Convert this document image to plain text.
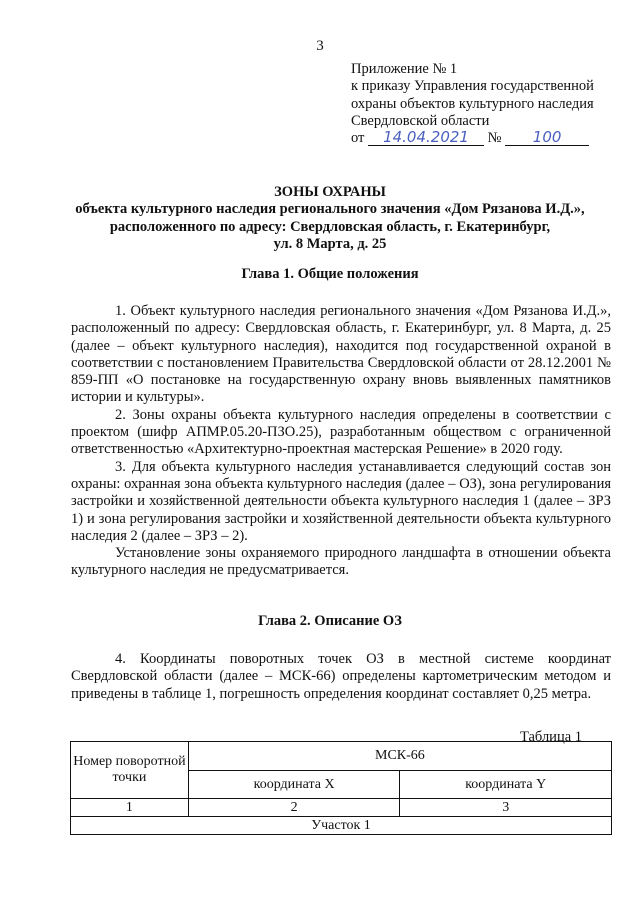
3
Приложение № 1
к приказу Управления государственной
охраны объектов культурного наследия
Свердловской области
от 14.04.2021 № 100
ЗОНЫ ОХРАНЫ
объекта культурного наследия регионального значения «Дом Рязанова И.Д.»,
расположенного по адресу: Свердловская область, г. Екатеринбург,
ул. 8 Марта, д. 25
Глава 1. Общие положения

1. Объект культурного наследия регионального значения «Дом Рязанова И.Д.», расположенный по адресу: Свердловская область, г. Екатеринбург, ул. 8 Марта, д. 25 (далее – объект культурного наследия), находится под государственной охраной в соответствии с постановлением Правительства Свердловской области от 28.12.2001 № 859-ПП «О постановке на государственную охрану вновь выявленных памятников истории и культуры».

2. Зоны охраны объекта культурного наследия определены в соответствии с проектом (шифр АПМР.05.20-ПЗО.25), разработанным обществом с ограниченной ответственностью «Архитектурно-проектная мастерская Решение» в 2020 году.

3. Для объекта культурного наследия устанавливается следующий состав зон охраны: охранная зона объекта культурного наследия (далее – ОЗ), зона регулирования застройки и хозяйственной деятельности объекта культурного наследия 1 (далее – ЗРЗ 1) и зона регулирования застройки и хозяйственной деятельности объекта культурного наследия 2 (далее – ЗРЗ – 2).

Установление зоны охраняемого природного ландшафта в отношении объекта культурного наследия не предусматривается.

Глава 2. Описание ОЗ

4. Координаты поворотных точек ОЗ в местной системе координат Свердловской области (далее – МСК-66) определены картометрическим методом и приведены в таблице 1, погрешность определения координат составляет 0,25 метра.

Таблица 1
Номер поворотной точки	МСК-66	
	координата X	координата Y
1	2	3
Участок 1		
